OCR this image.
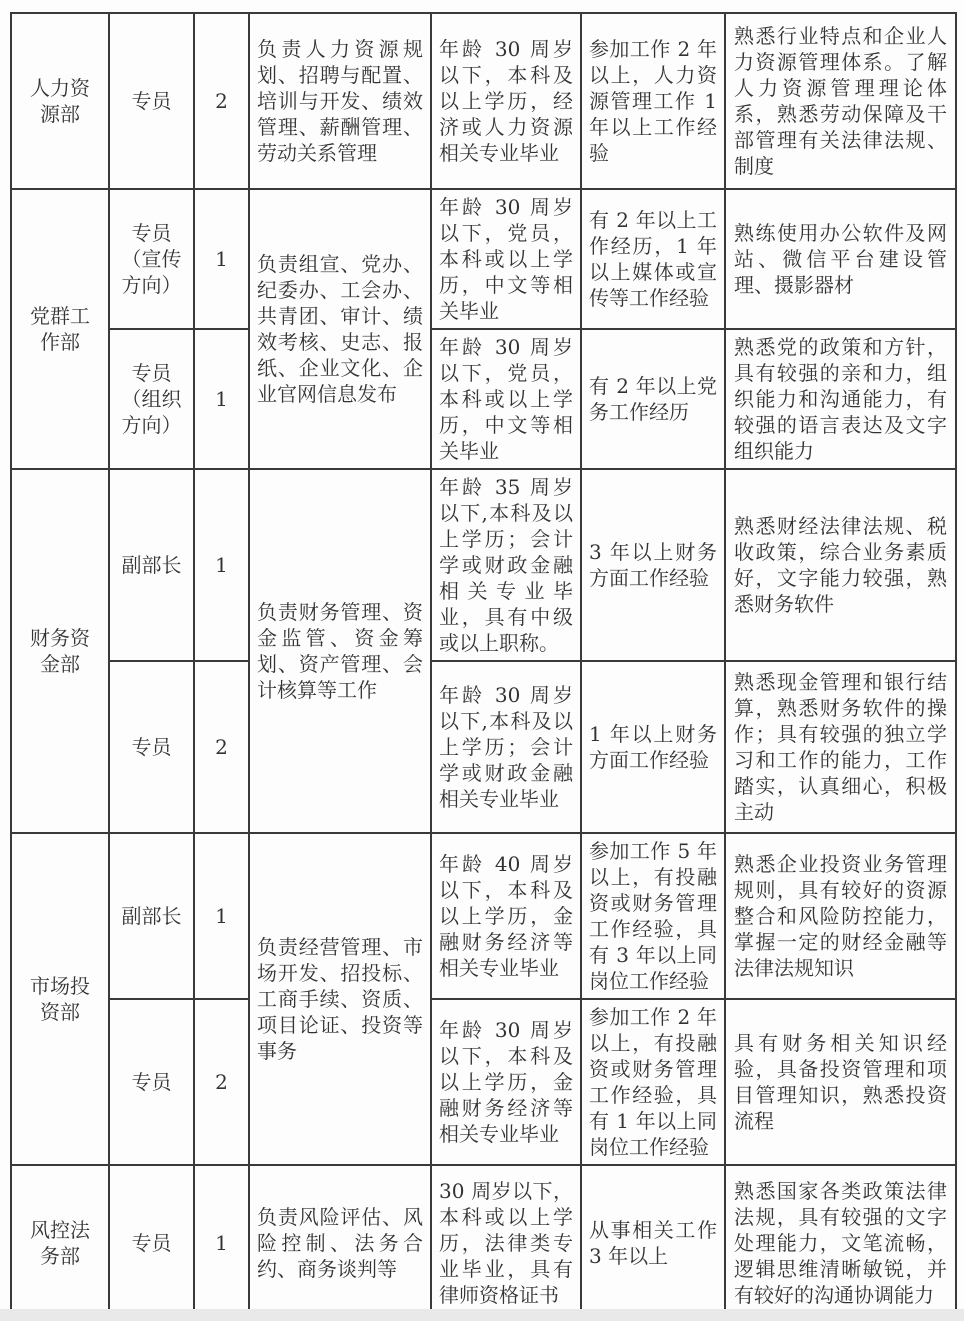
人力资源部	专员	2	负责人力资源规划、招聘与配置、培训与开发、绩效管理、薪酬管理、劳动关系管理	年龄 30 周岁以下，本科及以上学历，经济或人力资源相关专业毕业	参加工作 2 年以上，人力资源管理工作 1 年以上工作经验	熟悉行业特点和企业人力资源管理体系。了解人力资源管理理论体系，熟悉劳动保障及干部管理有关法律法规、制度
党群工作部	专员（宣传方向）	1	负责组宣、党办、纪委办、工会办、共青团、审计、绩效考核、史志、报纸、企业文化、企业官网信息发布	年龄 30 周岁以下，党员，本科或以上学历，中文等相关毕业	有 2 年以上工作经历，1 年以上媒体或宣传等工作经验	熟练使用办公软件及网站、微信平台建设管理、摄影器材
	专员（组织方向）	1		年龄 30 周岁以下，党员，本科或以上学历，中文等相关毕业	有 2 年以上党务工作经历	熟悉党的政策和方针，具有较强的亲和力，组织能力和沟通能力，有较强的语言表达及文字组织能力
财务资金部	副部长	1	负责财务管理、资金监管、资金筹划、资产管理、会计核算等工作	年龄 35 周岁以下,本科及以上学历；会计学或财政金融相关专业毕业，具有中级或以上职称。	3 年以上财务方面工作经验	熟悉财经法律法规、税收政策，综合业务素质好，文字能力较强，熟悉财务软件
	专员	2		年龄 30 周岁以下,本科及以上学历；会计学或财政金融相关专业毕业	1 年以上财务方面工作经验	熟悉现金管理和银行结算，熟悉财务软件的操作；具有较强的独立学习和工作的能力，工作踏实，认真细心，积极主动
市场投资部	副部长	1	负责经营管理、市场开发、招投标、工商手续、资质、项目论证、投资等事务	年龄 40 周岁以下，本科及以上学历，金融财务经济等相关专业毕业	参加工作 5 年以上，有投融资或财务管理工作经验，具有 3 年以上同岗位工作经验	熟悉企业投资业务管理规则，具有较好的资源整合和风险防控能力，掌握一定的财经金融等法律法规知识
	专员	2		年龄 30 周岁以下，本科及以上学历，金融财务经济等相关专业毕业	参加工作 2 年以上，有投融资或财务管理工作经验，具有 1 年以上同岗位工作经验	具有财务相关知识经验，具备投资管理和项目管理知识，熟悉投资流程
风控法务部	专员	1	负责风险评估、风险控制、法务合约、商务谈判等	30 周岁以下，本科或以上学历，法律类专业毕业，具有律师资格证书	从事相关工作 3 年以上	熟悉国家各类政策法律法规，具有较强的文字处理能力，文笔流畅，逻辑思维清晰敏锐，并有较好的沟通协调能力
